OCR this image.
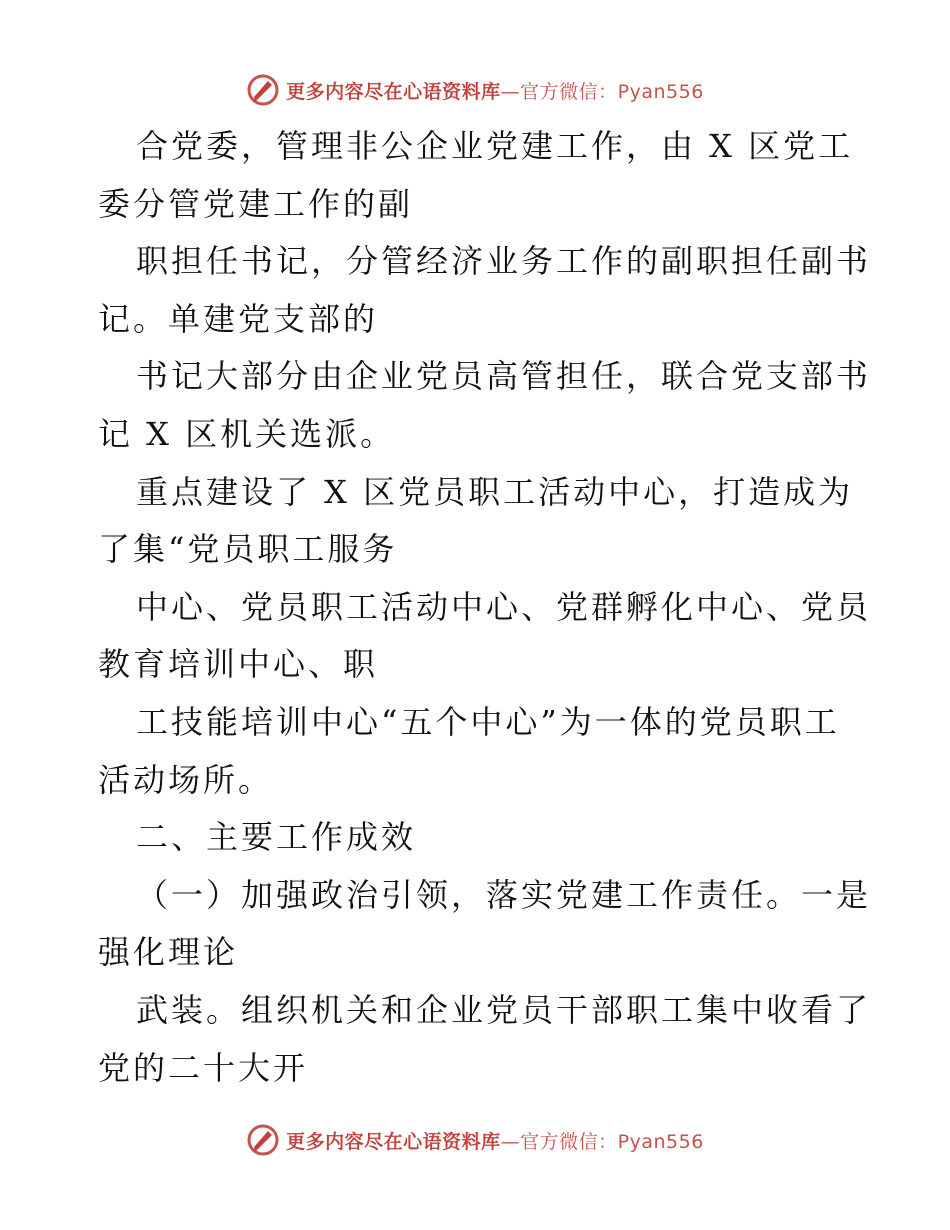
更多内容尽在心语资料库—官方微信：Pyan556
合党委，管理非公企业党建工作，由 X 区党工
委分管党建工作的副
职担任书记，分管经济业务工作的副职担任副书
记。单建党支部的
书记大部分由企业党员高管担任，联合党支部书
记 X 区机关选派。
重点建设了 X 区党员职工活动中心，打造成为
了集“党员职工服务
中心、党员职工活动中心、党群孵化中心、党员
教育培训中心、职
工技能培训中心“五个中心”为一体的党员职工
活动场所。
二、主要工作成效
（一）加强政治引领，落实党建工作责任。一是
强化理论
武装。组织机关和企业党员干部职工集中收看了
党的二十大开
更多内容尽在心语资料库—官方微信：Pyan556
